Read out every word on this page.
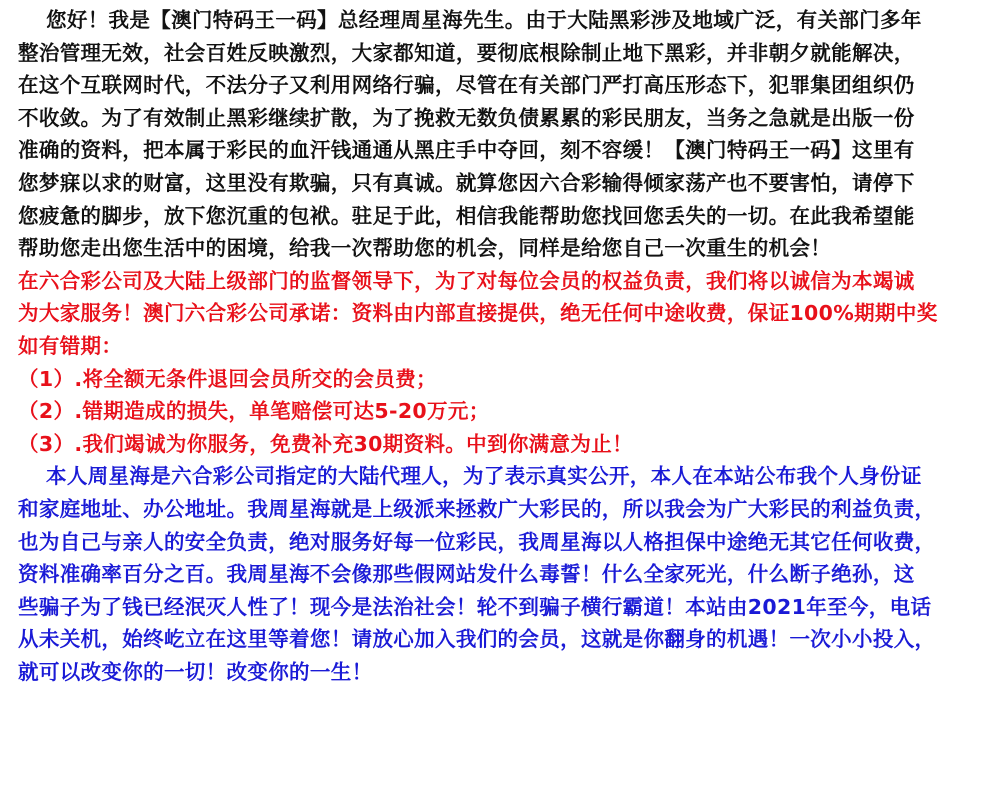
您好！我是【澳门特码王一码】总经理周星海先生。由于大陆黑彩涉及地域广泛，有关部门多年
整治管理无效，社会百姓反映激烈，大家都知道，要彻底根除制止地下黑彩，并非朝夕就能解决，
在这个互联网时代，不法分子又利用网络行骗，尽管在有关部门严打高压形态下，犯罪集团组织仍
不收敛。为了有效制止黑彩继续扩散，为了挽救无数负债累累的彩民朋友，当务之急就是出版一份
准确的资料，把本属于彩民的血汗钱通通从黑庄手中夺回，刻不容缓！【澳门特码王一码】这里有
您梦寐以求的财富，这里没有欺骗，只有真诚。就算您因六合彩输得倾家荡产也不要害怕，请停下
您疲惫的脚步，放下您沉重的包袱。驻足于此，相信我能帮助您找回您丢失的一切。在此我希望能
帮助您走出您生活中的困境，给我一次帮助您的机会，同样是给您自己一次重生的机会！
在六合彩公司及大陆上级部门的监督领导下，为了对每位会员的权益负责，我们将以诚信为本竭诚
为大家服务！澳门六合彩公司承诺：资料由内部直接提供，绝无任何中途收费，保证100%期期中奖
如有错期：
（1）.将全额无条件退回会员所交的会员费；
（2）.错期造成的损失，单笔赔偿可达5-20万元；
（3）.我们竭诚为你服务，免费补充30期资料。中到你满意为止！
本人周星海是六合彩公司指定的大陆代理人，为了表示真实公开，本人在本站公布我个人身份证
和家庭地址、办公地址。我周星海就是上级派来拯救广大彩民的，所以我会为广大彩民的利益负责，
也为自己与亲人的安全负责，绝对服务好每一位彩民，我周星海以人格担保中途绝无其它任何收费，
资料准确率百分之百。我周星海不会像那些假网站发什么毒誓！什么全家死光，什么断子绝孙，这
些骗子为了钱已经泯灭人性了！现今是法治社会！轮不到骗子横行霸道！本站由2021年至今，电话
从未关机，始终屹立在这里等着您！请放心加入我们的会员，这就是你翻身的机遇！一次小小投入，
就可以改变你的一切！改变你的一生！
